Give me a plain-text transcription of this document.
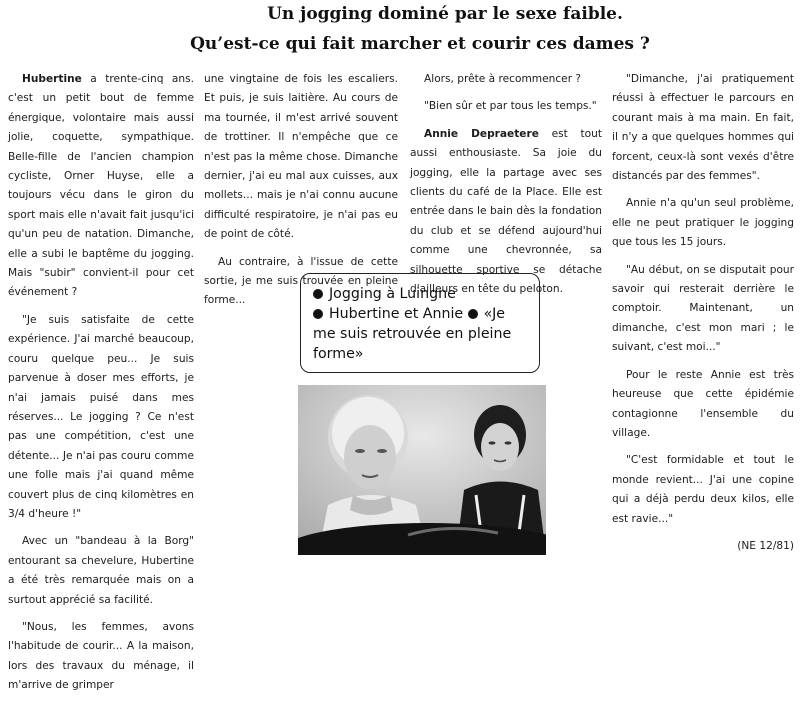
Un jogging dominé par le sexe faible.
Qu’est-ce qui fait marcher et courir ces dames ?

Hubertine a trente-cinq ans. c'est un petit bout de femme énergique, volontaire mais aussi jolie, coquette, sympathique. Belle-fille de l'ancien champion cycliste, Orner Huyse, elle a toujours vécu dans le giron du sport mais elle n'avait fait jusqu'ici qu'un peu de natation. Dimanche, elle a subi le baptême du jogging. Mais "subir" convient-il pour cet événement ?

"Je suis satisfaite de cette expérience. J'ai marché beaucoup, couru quelque peu... Je suis parvenue à doser mes efforts, je n'ai jamais puisé dans mes réserves... Le jogging ? Ce n'est pas une compétition, c'est une détente... Je n'ai pas couru comme une folle mais j'ai quand même couvert plus de cinq kilomètres en 3/4 d'heure !"

Avec un "bandeau à la Borg" entourant sa chevelure, Hubertine a été très remarquée mais on a surtout apprécié sa facilité.

"Nous, les femmes, avons l'habitude de courir... A la maison, lors des travaux du ménage, il m'arrive de grimper

une vingtaine de fois les escaliers. Et puis, je suis laitière. Au cours de ma tournée, il m'est arrivé souvent de trottiner. Il n'empêche que ce n'est pas la même chose. Dimanche dernier, j'ai eu mal aux cuisses, aux mollets... mais je n'ai connu aucune difficulté respiratoire, je n'ai pas eu de point de côté.

Au contraire, à l'issue de cette sortie, je me suis trouvée en pleine forme...

Alors, prête à recommencer ?

"Bien sûr et par tous les temps."

Annie Depraetere est tout aussi enthousiaste. Sa joie du jogging, elle la partage avec ses clients du café de la Place. Elle est entrée dans le bain dès la fondation du club et se défend aujourd'hui comme une chevronnée, sa silhouette sportive se détache d'ailleurs en tête du peloton.

"Dimanche, j'ai pratiquement réussi à effectuer le parcours en courant mais à ma main. En fait, il n'y a que quelques hommes qui forcent, ceux-là sont vexés d'être distancés par des femmes".

Annie n'a qu'un seul problème, elle ne peut pratiquer le jogging que tous les 15 jours.

"Au début, on se disputait pour savoir qui resterait derrière le comptoir. Maintenant, un dimanche, c'est mon mari ; le suivant, c'est moi..."

Pour le reste Annie est très heureuse que cette épidémie contagionne l'ensemble du village.

"C'est formidable et tout le monde revient... J'ai une copine qui a déjà perdu deux kilos, elle est ravie..."

(NE 12/81)

Jogging à Luingne
Hubertine et Annie «Je
me suis retrouvée en pleine
forme»
